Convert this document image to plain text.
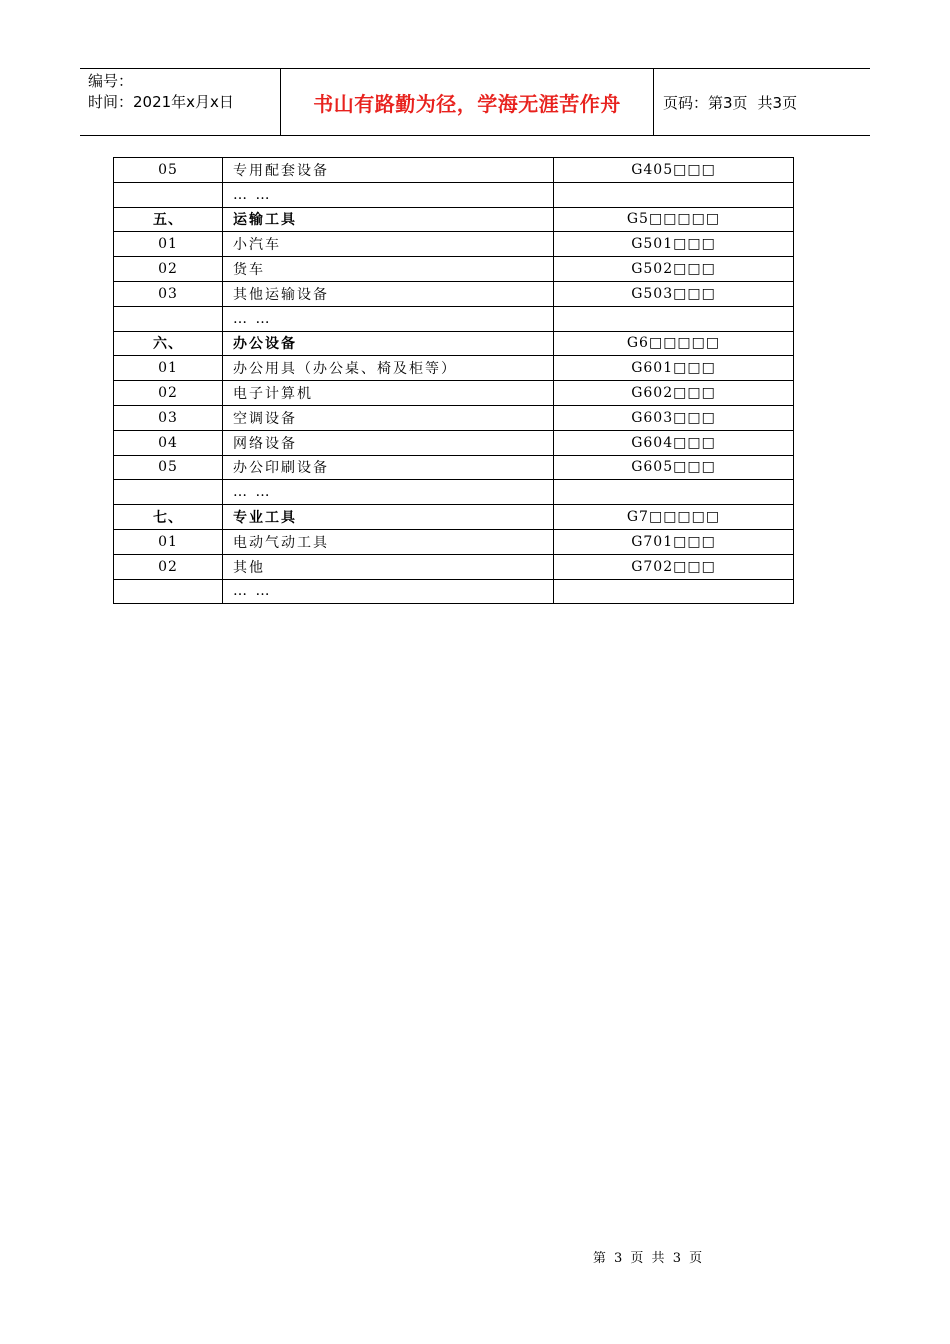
编号：
时间：2021年x月x日	书山有路勤为径，学海无涯苦作舟	页码：第3页 共3页
05	专用配套设备	G405□□□
	… …	
五、	运输工具	G5□□□□□
01	小汽车	G501□□□
02	货车	G502□□□
03	其他运输设备	G503□□□
	… …	
六、	办公设备	G6□□□□□
01	办公用具（办公桌、椅及柜等）	G601□□□
02	电子计算机	G602□□□
03	空调设备	G603□□□
04	网络设备	G604□□□
05	办公印刷设备	G605□□□
	… …	
七、	专业工具	G7□□□□□
01	电动气动工具	G701□□□
02	其他	G702□□□
	… …	
第 3 页 共 3 页
